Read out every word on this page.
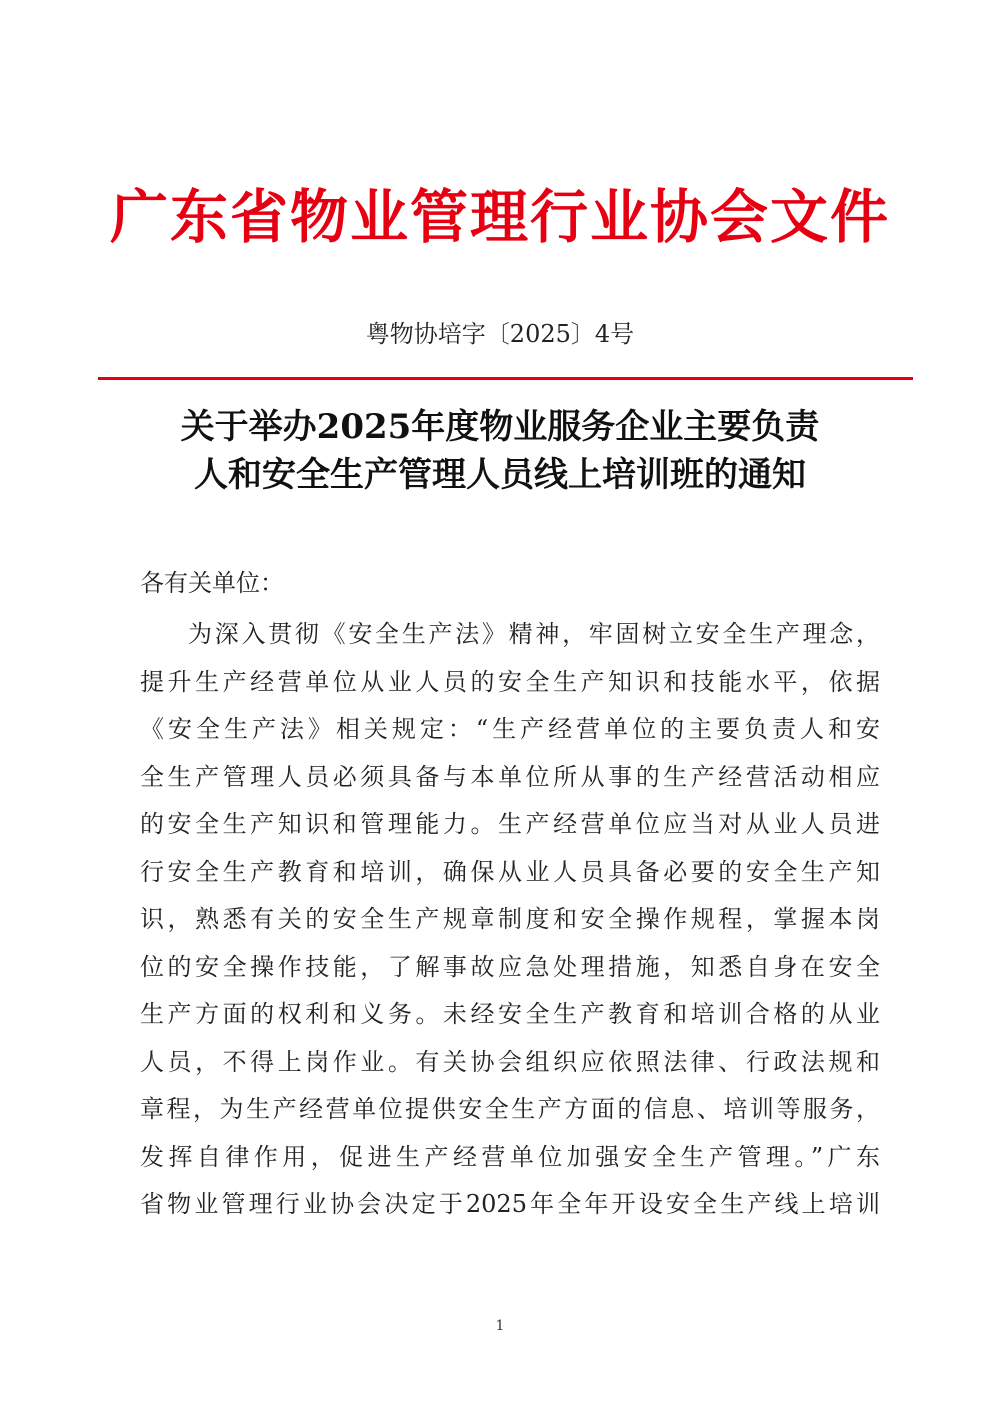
广东省物业管理行业协会文件
粤物协培字〔2025〕4号
关于举办2025年度物业服务企业主要负责
人和安全生产管理人员线上培训班的通知
各有关单位：
为深入贯彻《安全生产法》精神，牢固树立安全生产理念，
提升生产经营单位从业人员的安全生产知识和技能水平，依据
《安全生产法》相关规定：“生产经营单位的主要负责人和安
全生产管理人员必须具备与本单位所从事的生产经营活动相应
的安全生产知识和管理能力。生产经营单位应当对从业人员进
行安全生产教育和培训，确保从业人员具备必要的安全生产知
识，熟悉有关的安全生产规章制度和安全操作规程，掌握本岗
位的安全操作技能，了解事故应急处理措施，知悉自身在安全
生产方面的权利和义务。未经安全生产教育和培训合格的从业
人员，不得上岗作业。有关协会组织应依照法律、行政法规和
章程，为生产经营单位提供安全生产方面的信息、培训等服务，
发挥自律作用，促进生产经营单位加强安全生产管理。”广东
省物业管理行业协会决定于2025年全年开设安全生产线上培训
1
